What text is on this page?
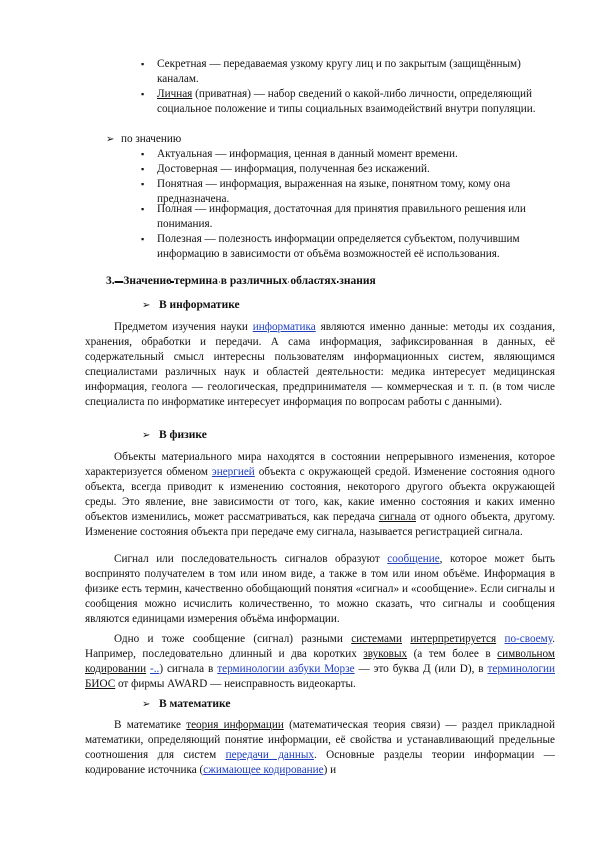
▪ Секретная — передаваемая узкому кругу лиц и по закрытым (защищённым) каналам.
▪ Личная (приватная) — набор сведений о какой-либо личности, определяющий социальное положение и типы социальных взаимодействий внутри популяции.
➢ по значению
▪ Актуальная — информация, ценная в данный момент времени.
▪ Достоверная — информация, полученная без искажений.
▪ Понятная — информация, выраженная на языке, понятном тому, кому она предназначена.
▪ Полная — информация, достаточная для принятия правильного решения или понимания.
▪ Полезная — полезность информации определяется субъектом, получившим информацию в зависимости от объёма возможностей её использования.
3. Значение термина в различных областях знания
➢ В информатике
Предметом изучения науки информатика являются именно данные: методы их создания, хранения, обработки и передачи. А сама информация, зафиксированная в данных, её содержательный смысл интересны пользователям информационных систем, являющимся специалистами различных наук и областей деятельности: медика интересует медицинская информация, геолога — геологическая, предпринимателя — коммерческая и т. п. (в том числе специалиста по информатике интересует информация по вопросам работы с данными).
➢ В физике
Объекты материального мира находятся в состоянии непрерывного изменения, которое характеризуется обменом энергией объекта с окружающей средой. Изменение состояния одного объекта, всегда приводит к изменению состояния, некоторого другого объекта окружающей среды. Это явление, вне зависимости от того, как, какие именно состояния и каких именно объектов изменились, может рассматриваться, как передача сигнала от одного объекта, другому. Изменение состояния объекта при передаче ему сигнала, называется регистрацией сигнала.
Сигнал или последовательность сигналов образуют сообщение, которое может быть воспринято получателем в том или ином виде, а также в том или ином объёме. Информация в физике есть термин, качественно обобщающий понятия «сигнал» и «сообщение». Если сигналы и сообщения можно исчислить количественно, то можно сказать, что сигналы и сообщения являются единицами измерения объёма информации.
Одно и тоже сообщение (сигнал) разными системами интерпретируется по-своему. Например, последовательно длинный и два коротких звуковых (а тем более в символьном кодировании -..) сигнала в терминологии азбуки Морзе — это буква Д (или D), в терминологии БИОС от фирмы AWARD — неисправность видеокарты.
➢ В математике
В математике теория информации (математическая теория связи) — раздел прикладной математики, определяющий понятие информации, её свойства и устанавливающий предельные соотношения для систем передачи данных. Основные разделы теории информации — кодирование источника (сжимающее кодирование) и
